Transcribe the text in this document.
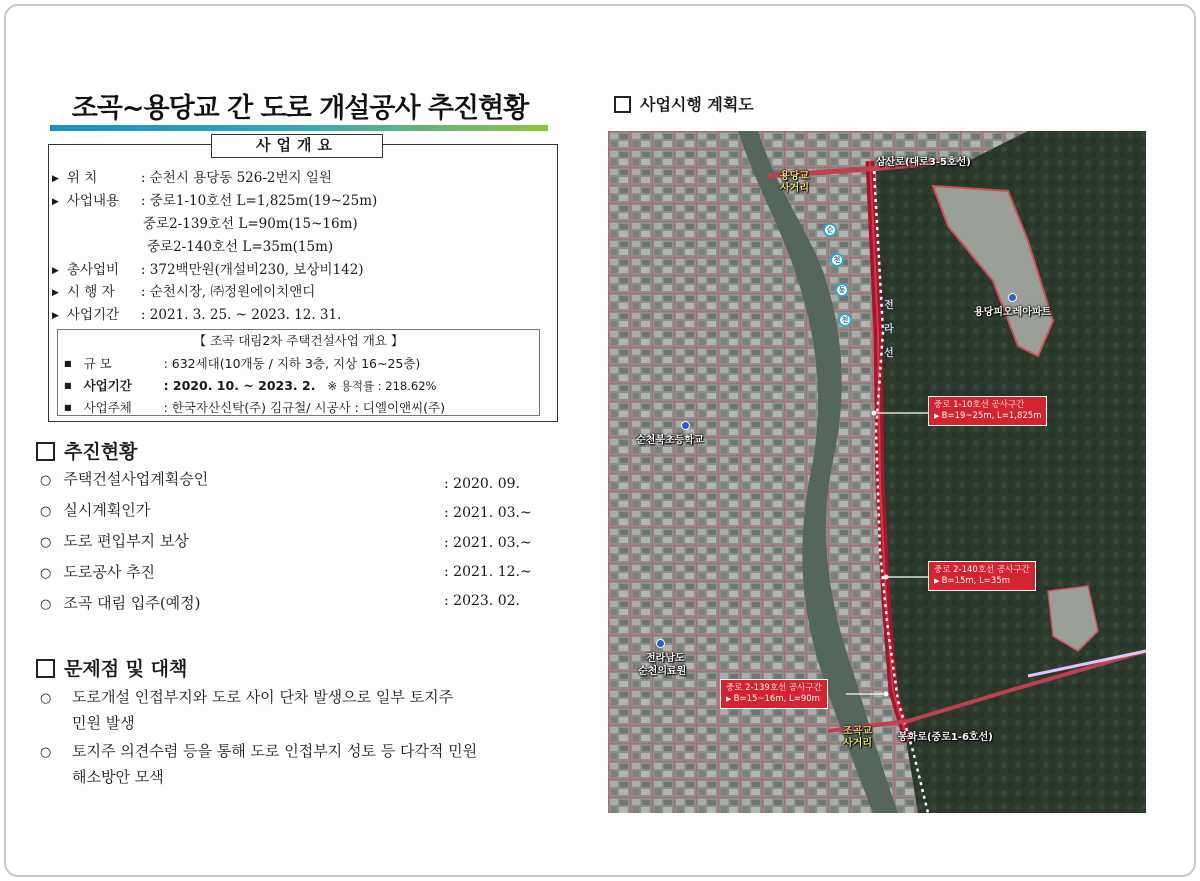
조곡~용당교 간 도로 개설공사 추진현황
사업개요
▶ 위 치	: 순천시 용당동 526-2번지 일원
▶ 사업내용 : 중로1-10호선 L=1,825m(19~25m)
중로2-139호선 L=90m(15~16m)
중로2-140호선 L=35m(15m)
▶ 총사업비 : 372백만원(개설비230, 보상비142)
▶ 시 행 자 : 순천시장, ㈜정원에이치앤디
▶ 사업기간 : 2021. 3. 25. ~ 2023. 12. 31.
【 조곡 대림2차 주택건설사업 개요 】
■ 규 모	: 632세대(10개동 / 지하 3층, 지상 16~25층)
■ 사업기간	: 2020. 10. ~ 2023. 2. ※ 용적률 : 218.62%
■ 사업주체	: 한국자산신탁(주) 김규철/ 시공사 : 디엘이앤씨(주)
추진현황
○ 주택건설사업계획승인	: 2020. 09.
○ 실시계획인가	: 2021. 03.~
○ 도로 편입부지 보상	: 2021. 03.~
○ 도로공사 추진	: 2021. 12.~
○ 조곡 대림 입주(예정)	: 2023. 02.
문제점 및 대책
○ 도로개설 인접부지와 도로 사이 단차 발생으로 일부 토지주
민원 발생
○ 토지주 의견수렴 등을 통해 도로 인접부지 성토 등 다각적 민원
해소방안 모색
사업시행 계획도
삼산로(대로3-5호선)
용당교
사거리
순
천
동
천
전
라
선
용당피오레아파트
순천북초등학교
전라남도
순천의료원
조곡교
사거리
봉화로(중로1-6호선)
중로 1-10호선 공사구간
▶ B=19~25m, L=1,825m
중로 2-140호선 공사구간
▶ B=15m, L=35m
중로 2-139호선 공사구간
▶ B=15~16m, L=90m
